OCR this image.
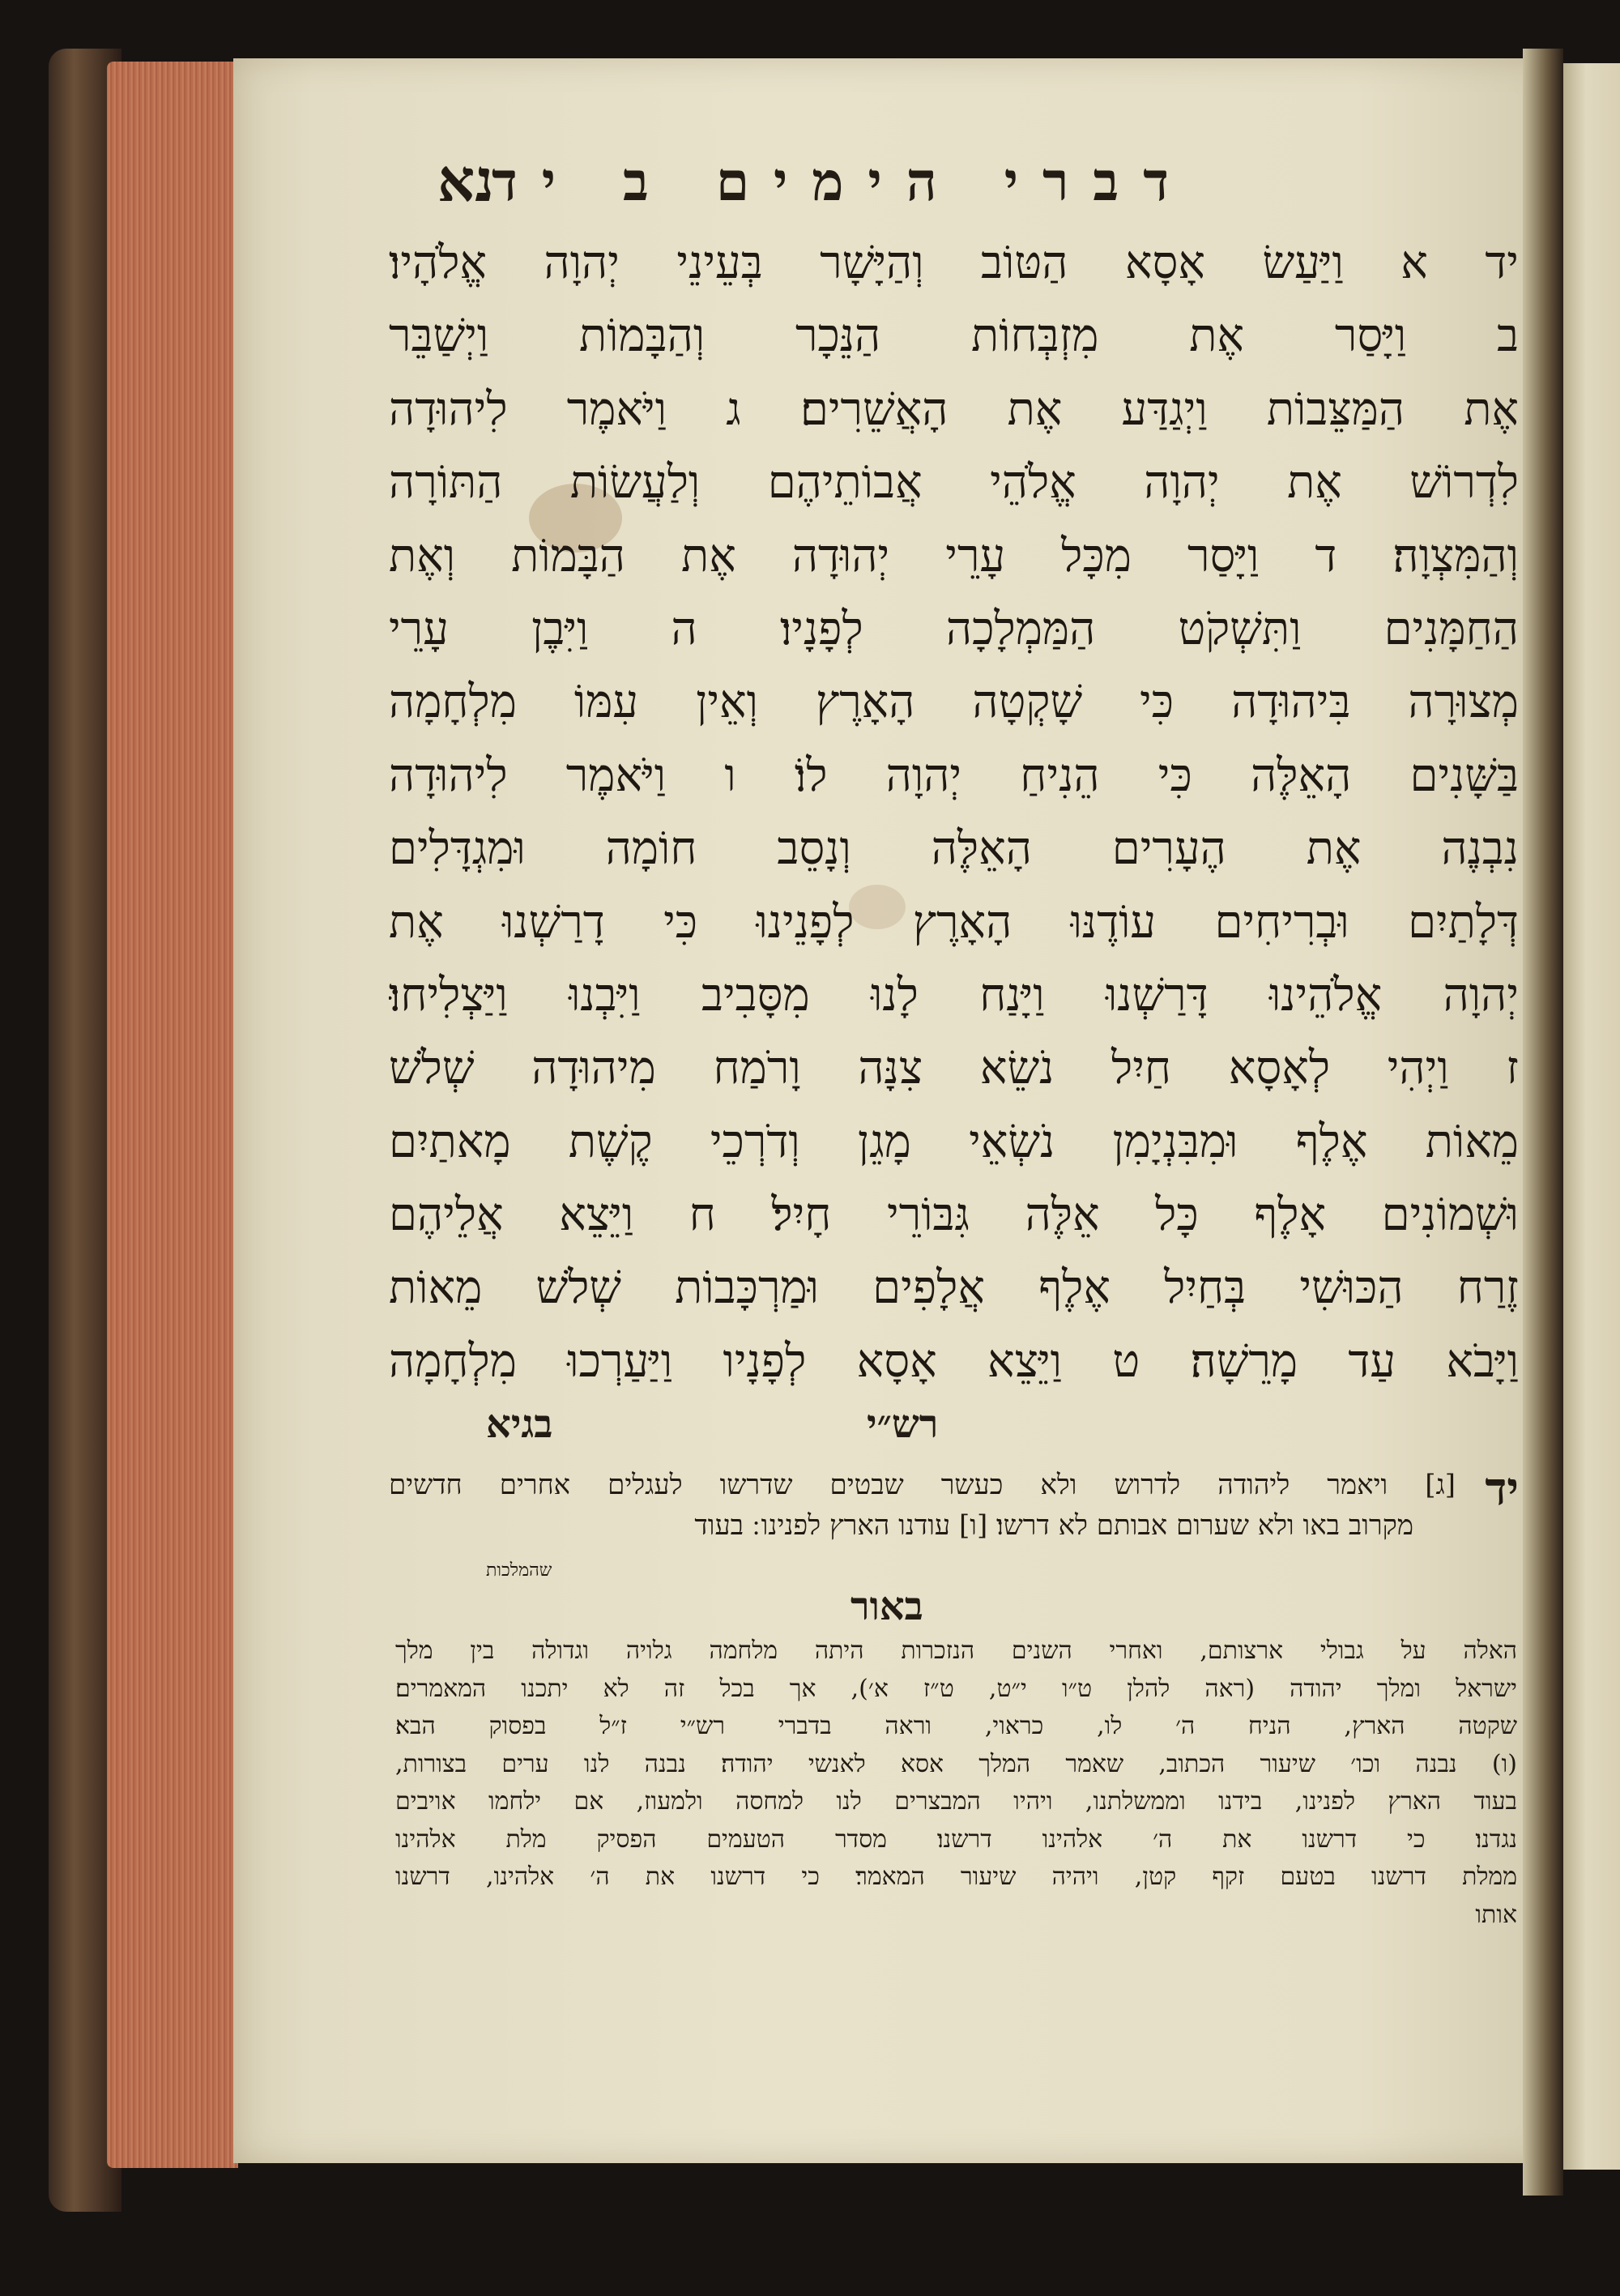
נא
דברי הימים ב יד
יד א וַיַּעַשׂ אָסָא הַטּוֹב וְהַיָּשָׁר בְּעֵינֵי יְהוָה אֱלֹהָיו׃
ב וַיָּסַר אֶת מִזְבְּחוֹת הַנֵּכָר וְהַבָּמוֹת וַיְשַׁבֵּר
אֶת הַמַּצֵּבוֹת וַיְגַדַּע אֶת הָאֲשֵׁרִים׃ ג וַיֹּאמֶר לִיהוּדָה
לִדְרוֹשׁ אֶת יְהוָה אֱלֹהֵי אֲבוֹתֵיהֶם וְלַעֲשׂוֹת הַתּוֹרָה
וְהַמִּצְוָה׃ ד וַיָּסַר מִכָּל עָרֵי יְהוּדָה אֶת הַבָּמוֹת וְאֶת
הַחַמָּנִים וַתִּשְׁקֹט הַמַּמְלָכָה לְפָנָיו׃ ה וַיִּבֶן עָרֵי
מְצוּרָה בִּיהוּדָה כִּי שָׁקְטָה הָאָרֶץ וְאֵין עִמּוֹ מִלְחָמָה
בַּשָּׁנִים הָאֵלֶּה כִּי הֵנִיחַ יְהוָה לוֹ׃ ו וַיֹּאמֶר לִיהוּדָה
נִבְנֶה אֶת הֶעָרִים הָאֵלֶּה וְנָסֵב חוֹמָה וּמִגְדָּלִים
דְּלָתַיִם וּבְרִיחִים עוֹדֶנּוּ הָאָרֶץ לְפָנֵינוּ כִּי דָרַשְׁנוּ אֶת
יְהוָה אֱלֹהֵינוּ דָּרַשְׁנוּ וַיָּנַח לָנוּ מִסָּבִיב וַיִּבְנוּ וַיַּצְלִיחוּ׃
ז וַיְהִי לְאָסָא חַיִל נֹשֵׂא צִנָּה וָרֹמַח מִיהוּדָה שְׁלֹשׁ
מֵאוֹת אֶלֶף וּמִבִּנְיָמִן נֹשְׂאֵי מָגֵן וְדֹרְכֵי קֶשֶׁת מָאתַיִם
וּשְׁמוֹנִים אָלֶף כָּל אֵלֶּה גִּבּוֹרֵי חָיִל׃ ח וַיֵּצֵא אֲלֵיהֶם
זֶרַח הַכּוּשִׁי בְּחַיִל אֶלֶף אֲלָפִים וּמַרְכָּבוֹת שְׁלֹשׁ מֵאוֹת
וַיָּבֹא עַד מָרֵשָׁה׃ ט וַיֵּצֵא אָסָא לְפָנָיו וַיַּעַרְכוּ מִלְחָמָה
בגיא	רש״י
יד
[ג] ויאמר ליהודה לדרוש ולא כעשר שבטים שדרשו לעגלים אחרים חדשים
מקרוב באו ולא שערום אבותם לא דרשו׃ [ו] עודנו הארץ לפנינו ׃ בעוד
שהמלכות
באור
האלה על גבולי ארצותם, ואחרי השנים הנזכרות היתה מלחמה גלויה וגדולה בין מלך
ישראל ומלך יהודה (ראה להלן ט״ו י״ט, ט״ז א׳), אך בכל זה לא יתכנו המאמרים׃
שקטה הארץ, הניח ה׳ לו, כראוי, וראה בדברי רש״י ז״ל בפסוק הבא׃
(ו) נבנה וכו׳ שיעור הכתוב, שאמר המלך אסא לאנשי יהודה׃ נבנה לנו ערים בצורות,
בעוד הארץ לפנינו, בידנו וממשלתנו, ויהיו המבצרים לנו למחסה ולמעוז, אם ילחמו אויבים
נגדנו׃ כי דרשנו את ה׳ אלהינו דרשנו׃ מסדר הטעמים הפסיק מלת אלהינו
ממלת דרשנו בטעם זקף קטן, ויהיה שיעור המאמר׃ כי דרשנו את ה׳ אלהינו, דרשנו
אותו
